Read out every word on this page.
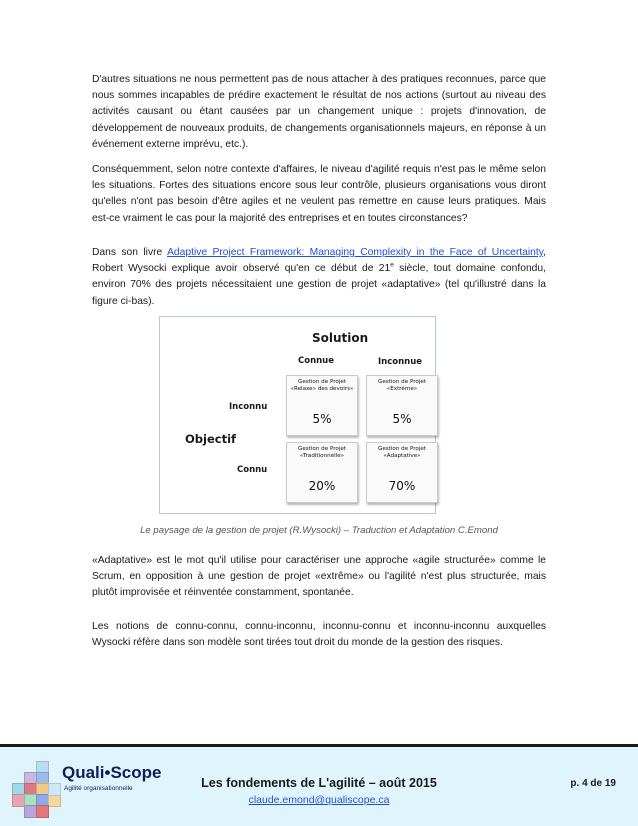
D'autres situations ne nous permettent pas de nous attacher à des pratiques reconnues, parce que nous sommes incapables de prédire exactement le résultat de nos actions (surtout au niveau des activités causant ou étant causées par un changement unique : projets d'innovation, de développement de nouveaux produits, de changements organisationnels majeurs, en réponse à un événement externe imprévu, etc.).

Conséquemment, selon notre contexte d'affaires, le niveau d'agilité requis n'est pas le même selon les situations. Fortes des situations encore sous leur contrôle, plusieurs organisations vous diront qu'elles n'ont pas besoin d'être agiles et ne veulent pas remettre en cause leurs pratiques. Mais est-ce vraiment le cas pour la majorité des entreprises et en toutes circonstances?

Dans son livre Adaptive Project Framework: Managing Complexity in the Face of Uncertainty, Robert Wysocki explique avoir observé qu'en ce début de 21e siècle, tout domaine confondu, environ 70% des projets nécessitaient une gestion de projet «adaptative» (tel qu'illustré dans la figure ci-bas).

Solution
Connue	Inconnue
Inconnu
Objectif
Connu
Gestion de Projet «Relaxe» des devoirs»
5%
Gestion de Projet «Extrême»
5%
Gestion de Projet «Traditionnelle»
20%
Gestion de Projet «Adaptative»
70%

Le paysage de la gestion de projet (R.Wysocki) – Traduction et Adaptation C.Emond

«Adaptative» est le mot qu'il utilise pour caractériser une approche «agile structurée» comme le Scrum, en opposition à une gestion de projet «extrême» ou l'agilité n'est plus structurée, mais plutôt improvisée et réinventée constamment, spontanée.

Les notions de connu-connu, connu-inconnu, inconnu-connu et inconnu-inconnu auxquelles Wysocki réfère dans son modèle sont tirées tout droit du monde de la gestion des risques.

Quali•Scope
Agilité organisationnelle	Les fondements de L'agilité – août 2015
claude.emond@qualiscope.ca
p. 4 de 19
